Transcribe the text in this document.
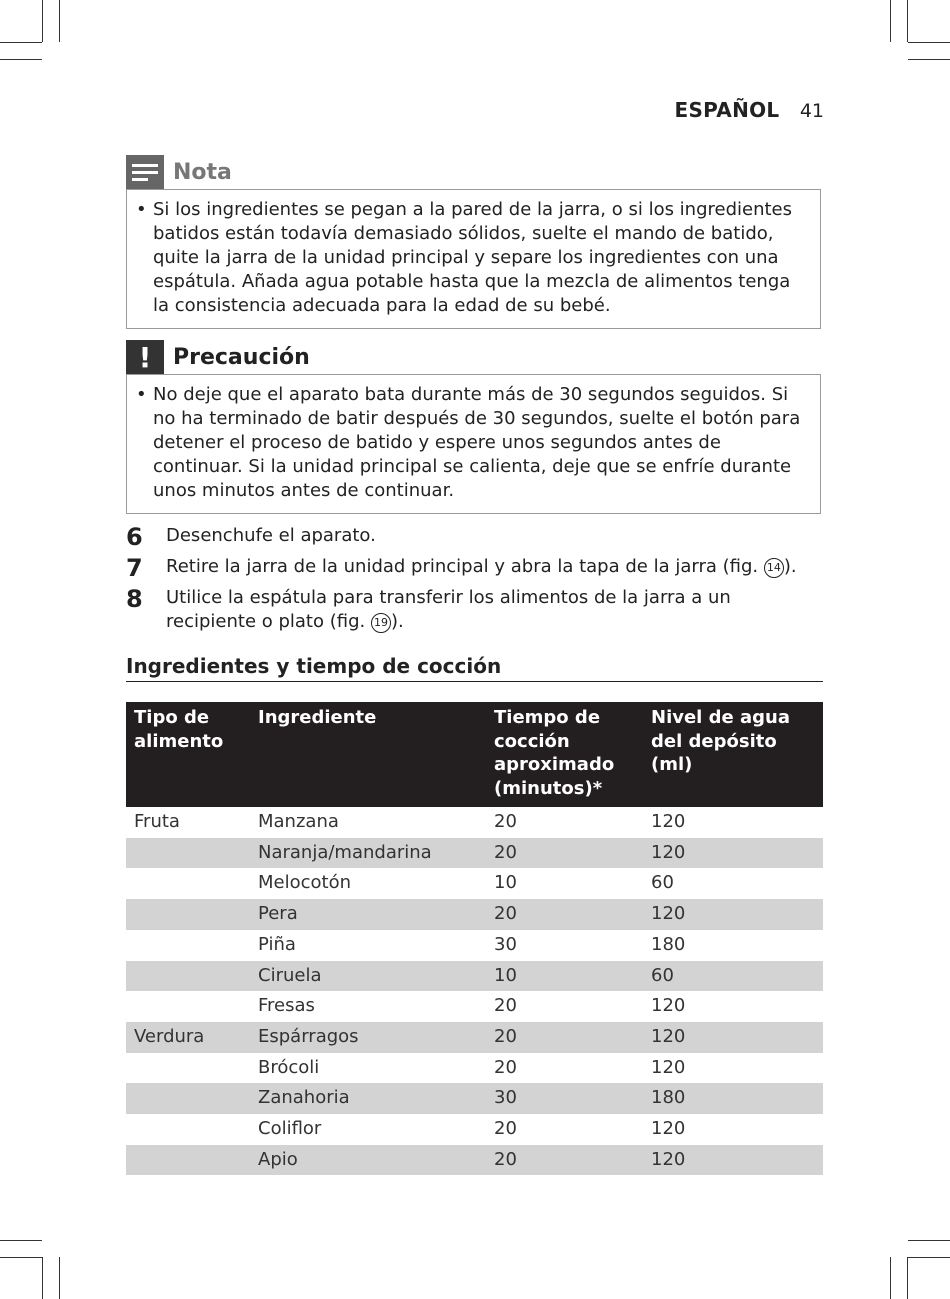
ESPAÑOL 41
Nota

• Si los ingredientes se pegan a la pared de la jarra, o si los ingredientes batidos están todavía demasiado sólidos, suelte el mando de batido, quite la jarra de la unidad principal y separe los ingredientes con una espátula. Añada agua potable hasta que la mezcla de alimentos tenga la consistencia adecuada para la edad de su bebé.

! Precaución

• No deje que el aparato bata durante más de 30 segundos seguidos. Si no ha terminado de batir después de 30 segundos, suelte el botón para detener el proceso de batido y espere unos segundos antes de continuar. Si la unidad principal se calienta, deje que se enfríe durante unos minutos antes de continuar.

6	Desenchufe el aparato.
7	Retire la jarra de la unidad principal y abra la tapa de la jarra (fig. 14 ).
8	Utilice la espátula para transferir los alimentos de la jarra a un recipiente o plato (fig. 19 ).
Ingredientes y tiempo de cocción
Tipo de alimento	Ingrediente	Tiempo de cocción aproximado (minutos)*	Nivel de agua del depósito (ml)
Fruta	Manzana	20	120
	Naranja/mandarina	20	120
	Melocotón	10	60
	Pera	20	120
	Piña	30	180
	Ciruela	10	60
	Fresas	20	120
Verdura	Espárragos	20	120
	Brócoli	20	120
	Zanahoria	30	180
	Coliflor	20	120
	Apio	20	120
